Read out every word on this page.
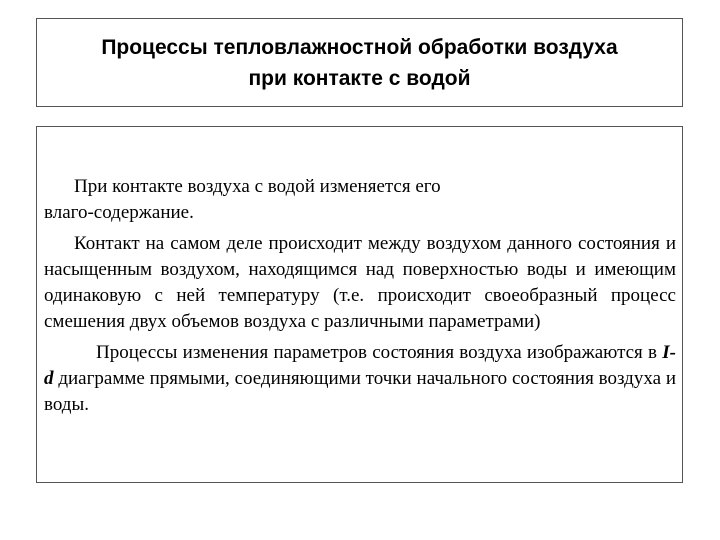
Процессы тепловлажностной обработки воздуха
при контакте с водой

При контакте воздуха с водой изменяется его
влаго-содержание.

Контакт на самом деле происходит между воздухом данного состояния и насыщенным воздухом, находящимся над поверхностью воды и имеющим одинаковую с ней температуру (т.е. происходит своеобразный процесс смешения двух объемов воздуха с различными параметрами)

Процессы изменения параметров состояния воздуха изображаются в I-d диаграмме прямыми, соединяющими точки начального состояния воздуха и воды.
